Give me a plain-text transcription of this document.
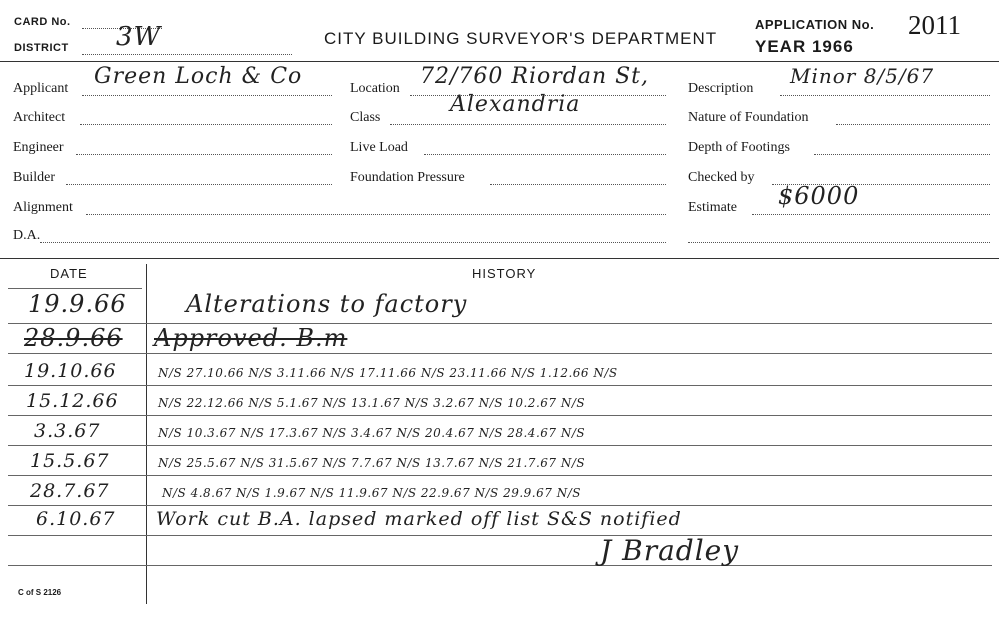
CARD No.
DISTRICT 3W	CITY BUILDING SURVEYOR'S DEPARTMENT
APPLICATION No. 2011
YEAR 1966
Applicant Green Loch & Co
Architect
Engineer
Builder
Alignment
D.A.
Location 72/760 Riordan St,
Alexandria
Class
Live Load
Foundation Pressure
Description
Minor 8/5/67
Nature of Foundation
Depth of Footings
Checked by
Estimate $6000
DATE	HISTORY
19.9.66 Alterations to factory
28.9.66 Approved. B.m
19.10.66	N/S 27.10.66 N/S 3.11.66 N/S 17.11.66 N/S 23.11.66 N/S 1.12.66 N/S
15.12.66	N/S 22.12.66 N/S 5.1.67 N/S 13.1.67 N/S 3.2.67 N/S 10.2.67 N/S
3.3.67	N/S 10.3.67 N/S 17.3.67 N/S 3.4.67 N/S 20.4.67 N/S 28.4.67 N/S
15.5.67	N/S 25.5.67 N/S 31.5.67 N/S 7.7.67 N/S 13.7.67 N/S 21.7.67 N/S
28.7.67	N/S 4.8.67 N/S 1.9.67 N/S 11.9.67 N/S 22.9.67 N/S 29.9.67 N/S
6.10.67 Work cut B.A. lapsed marked off list S&S notified
J Bradley
C of S 2126
